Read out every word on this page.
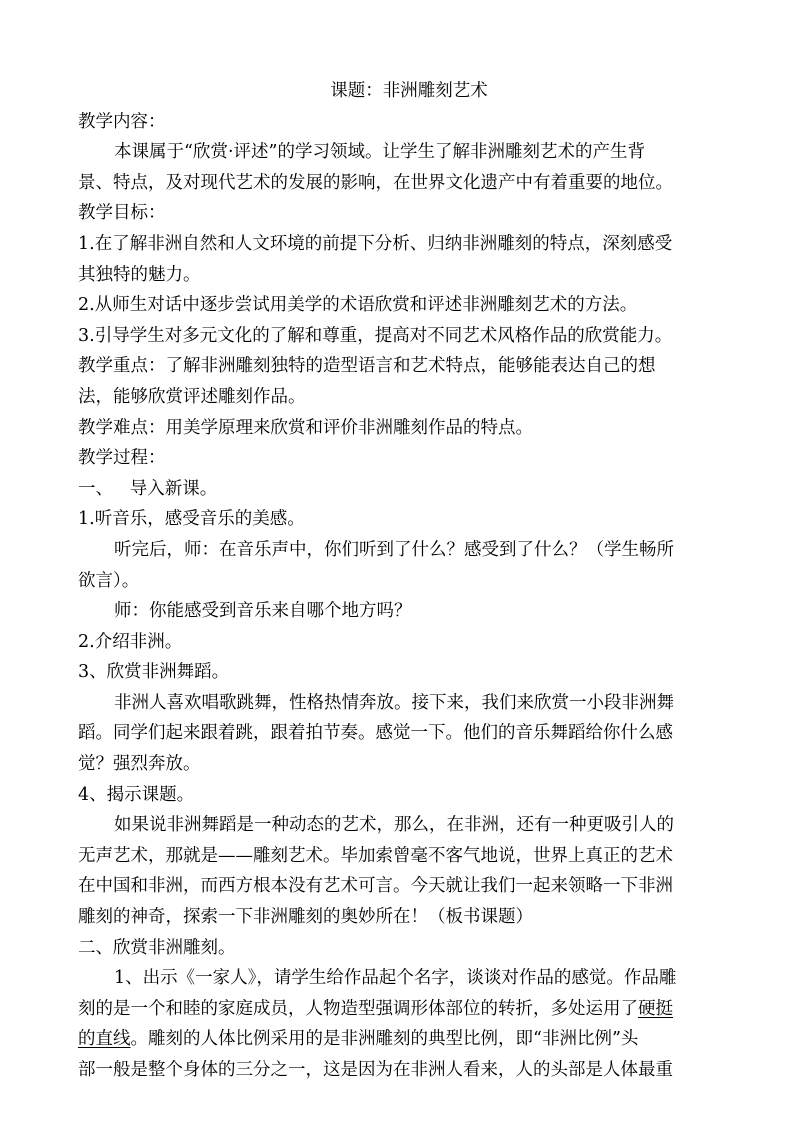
课题：非洲雕刻艺术
教学内容：
本课属于“欣赏·评述”的学习领域。让学生了解非洲雕刻艺术的产生背
景、特点，及对现代艺术的发展的影响，在世界文化遗产中有着重要的地位。
教学目标：
1.在了解非洲自然和人文环境的前提下分析、归纳非洲雕刻的特点，深刻感受
其独特的魅力。
2.从师生对话中逐步尝试用美学的术语欣赏和评述非洲雕刻艺术的方法。
3.引导学生对多元文化的了解和尊重，提高对不同艺术风格作品的欣赏能力。
教学重点：了解非洲雕刻独特的造型语言和艺术特点，能够能表达自己的想
法，能够欣赏评述雕刻作品。
教学难点：用美学原理来欣赏和评价非洲雕刻作品的特点。
教学过程：
一、   导入新课。
1.听音乐，感受音乐的美感。
听完后，师：在音乐声中，你们听到了什么？感受到了什么？（学生畅所
欲言）。
师：你能感受到音乐来自哪个地方吗？
2.介绍非洲。
3、欣赏非洲舞蹈。
非洲人喜欢唱歌跳舞，性格热情奔放。接下来，我们来欣赏一小段非洲舞
蹈。同学们起来跟着跳，跟着拍节奏。感觉一下。他们的音乐舞蹈给你什么感
觉？强烈奔放。
4、揭示课题。
如果说非洲舞蹈是一种动态的艺术，那么，在非洲，还有一种更吸引人的
无声艺术，那就是——雕刻艺术。毕加索曾毫不客气地说，世界上真正的艺术
在中国和非洲，而西方根本没有艺术可言。今天就让我们一起来领略一下非洲
雕刻的神奇，探索一下非洲雕刻的奥妙所在！（板书课题）
二、欣赏非洲雕刻。
1、出示《一家人》，请学生给作品起个名字，谈谈对作品的感觉。作品雕
刻的是一个和睦的家庭成员，人物造型强调形体部位的转折，多处运用了硬挺
的直线。雕刻的人体比例采用的是非洲雕刻的典型比例，即“非洲比例”头
部一般是整个身体的三分之一，这是因为在非洲人看来，人的头部是人体最重
